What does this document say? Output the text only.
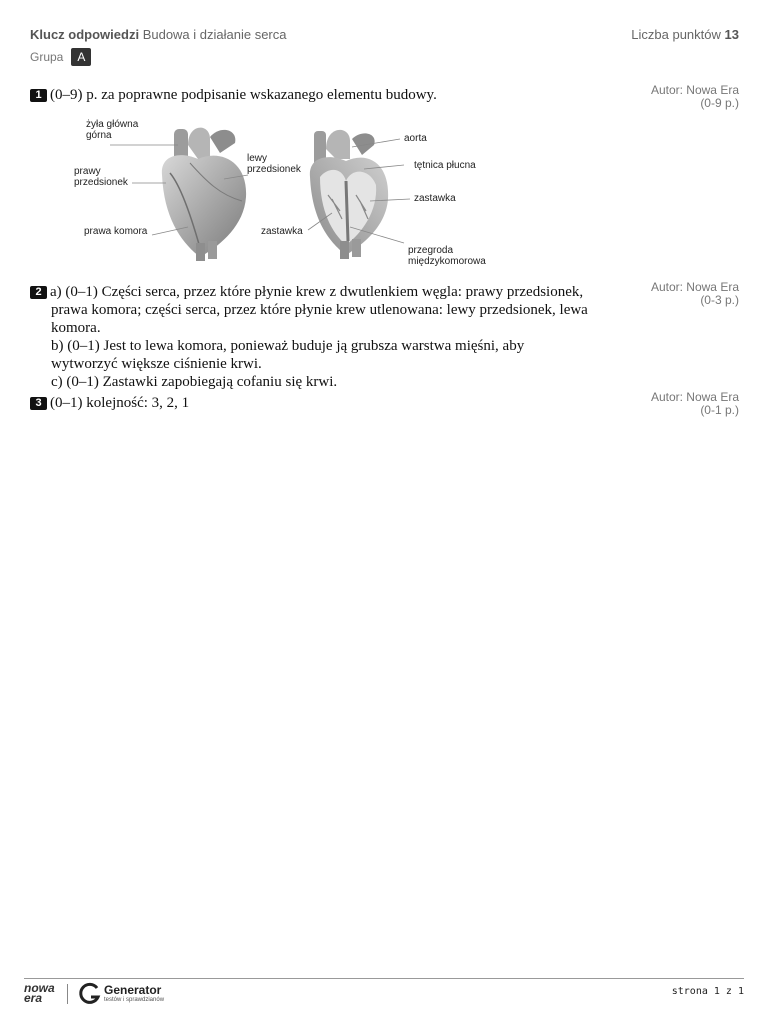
Klucz odpowiedzi Budowa i działanie serca	Liczba punktów 13
Grupa	A
1 (0–9) p. za poprawne podpisanie wskazanego elementu budowy.	Autor: Nowa Era
(0-9 p.)
żyła główna
górna
prawy
przedsionek
lewy
przedsionek
prawa komora	zastawka
aorta
tętnica płucna
zastawka
przegroda
międzykomorowa
2 a) (0–1) Części serca, przez które płynie krew z dwutlenkiem węgla: prawy przedsionek,
prawa komora; części serca, przez które płynie krew utlenowana: lewy przedsionek, lewa
komora.
b) (0–1) Jest to lewa komora, ponieważ buduje ją grubsza warstwa mięśni, aby
wytworzyć większe ciśnienie krwi.
c) (0–1) Zastawki zapobiegają cofaniu się krwi.
Autor: Nowa Era
(0-3 p.)
3 (0–1) kolejność: 3, 2, 1	Autor: Nowa Era
(0-1 p.)
nowa
era
Generator
testów i sprawdzianów
strona 1 z 1
